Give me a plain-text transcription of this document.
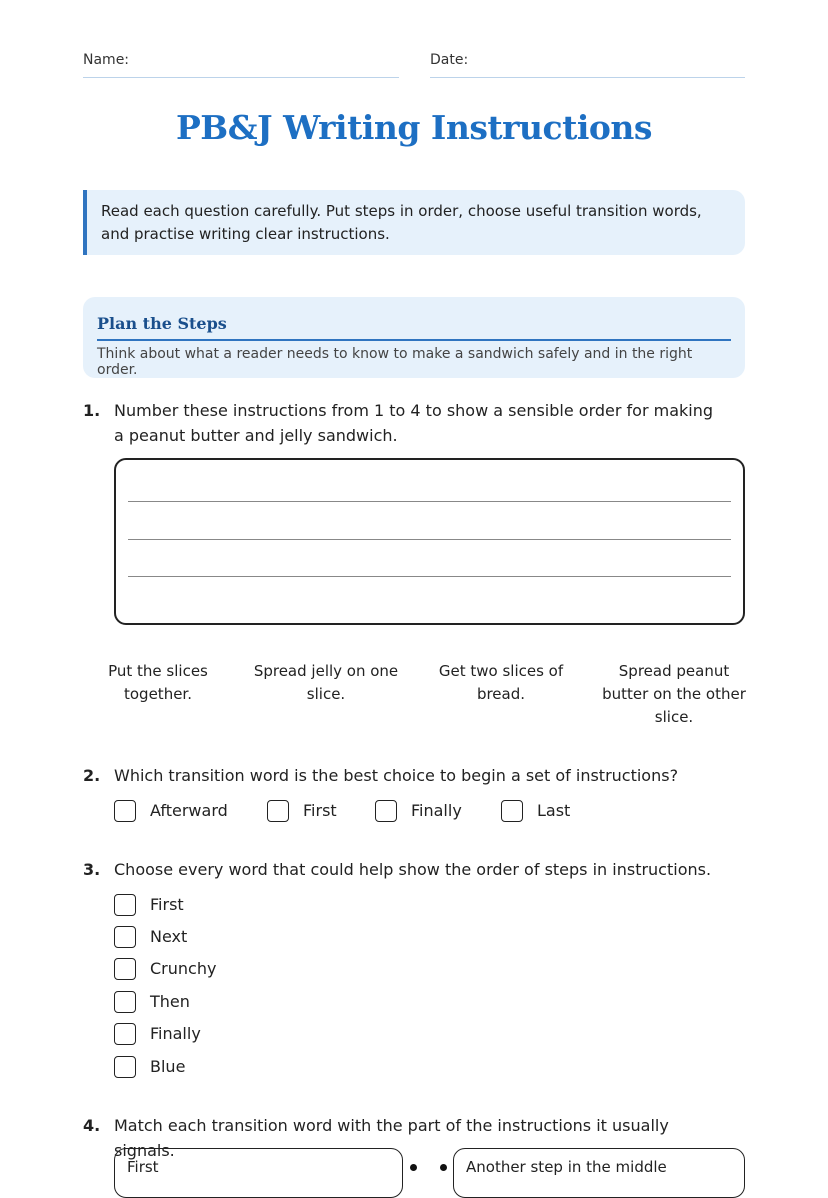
Name:	Date:
PB&J Writing Instructions
Read each question carefully. Put steps in order, choose useful transition words, and practise writing clear instructions.
Plan the Steps
Think about what a reader needs to know to make a sandwich safely and in the right order.
1. Number these instructions from 1 to 4 to show a sensible order for making a peanut butter and jelly sandwich.
Put the slices together.
Spread jelly on one slice.
Get two slices of bread.
Spread peanut butter on the other slice.
2. Which transition word is the best choice to begin a set of instructions?
Afterward	First	Finally	Last
3. Choose every word that could help show the order of steps in instructions.
First
Next
Crunchy
Then
Finally
Blue
4. Match each transition word with the part of the instructions it usually signals.
First	Another step in the middle
